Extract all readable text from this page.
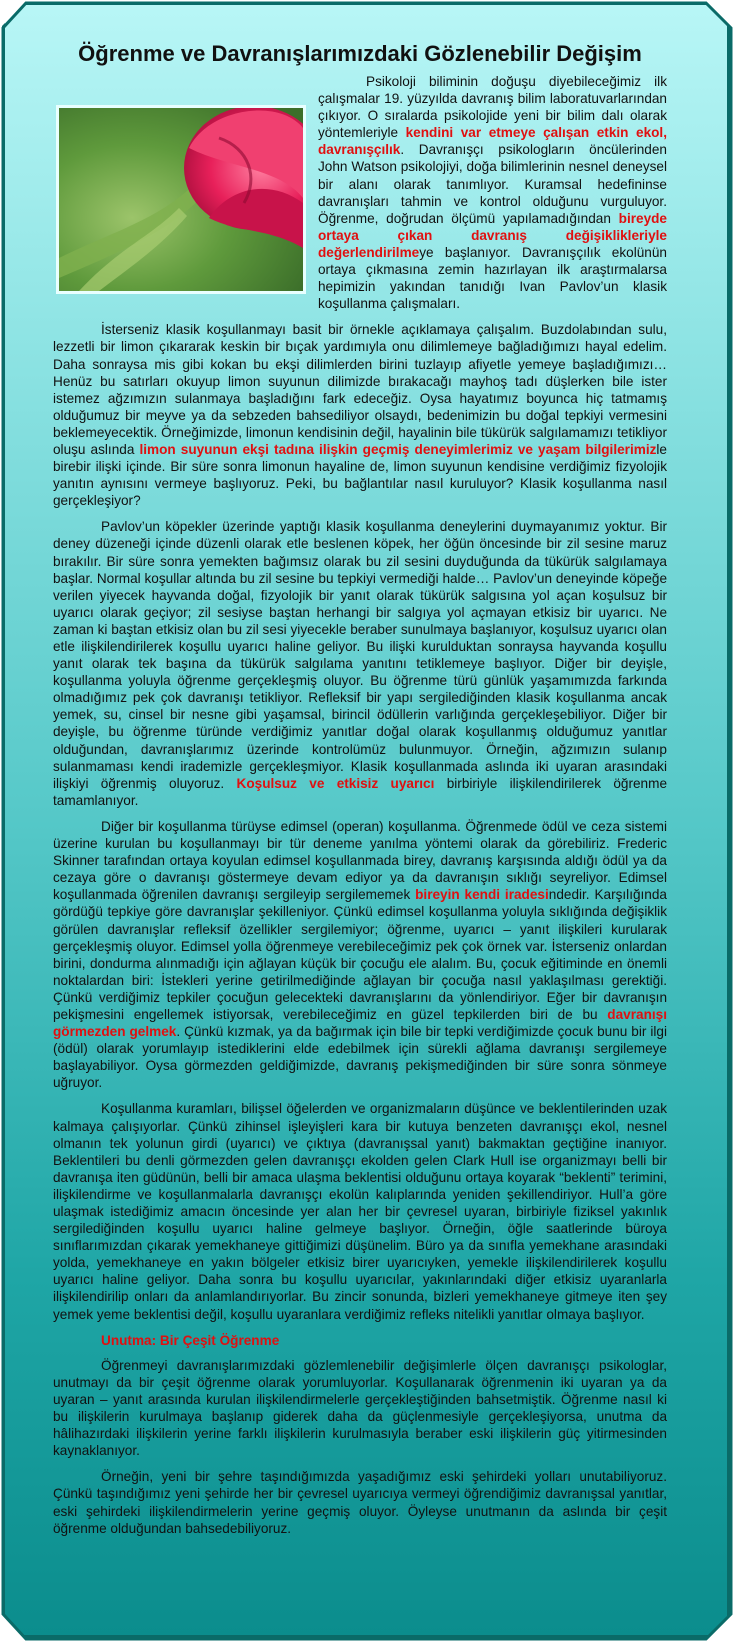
Öğrenme ve Davranışlarımızdaki Gözlenebilir Değişim

Psikoloji biliminin doğuşu diyebileceğimiz ilk çalışmalar 19. yüzyılda davranış bilim laboratuvarlarından çıkıyor. O sıralarda psikolojide yeni bir bilim dalı olarak yöntemleriyle kendini var etmeye çalışan etkin ekol, davranışçılık. Davranışçı psikologların öncülerinden John Watson psikolojiyi, doğa bilimlerinin nesnel deneysel bir alanı olarak tanımlıyor. Kuramsal hedefininse davranışları tahmin ve kontrol olduğunu vurguluyor. Öğrenme, doğrudan ölçümü yapılamadığından bireyde ortaya çıkan davranış değişiklikleriyle değerlendirilmeye başlanıyor. Davranışçılık ekolünün ortaya çıkmasına zemin hazırlayan ilk araştırmalarsa hepimizin yakından tanıdığı Ivan Pavlov’un klasik koşullanma çalışmaları.

İsterseniz klasik koşullanmayı basit bir örnekle açıklamaya çalışalım. Buzdolabından sulu, lezzetli bir limon çıkararak keskin bir bıçak yardımıyla onu dilimlemeye bağladığımızı hayal edelim. Daha sonraysa mis gibi kokan bu ekşi dilimlerden birini tuzlayıp afiyetle yemeye başladığımızı… Henüz bu satırları okuyup limon suyunun dilimizde bırakacağı mayhoş tadı düşlerken bile ister istemez ağzımızın sulanmaya başladığını fark edeceğiz. Oysa hayatımız boyunca hiç tatmamış olduğumuz bir meyve ya da sebzeden bahsediliyor olsaydı, bedenimizin bu doğal tepkiyi vermesini beklemeyecektik. Örneğimizde, limonun kendisinin değil, hayalinin bile tükürük salgılamamızı tetikliyor oluşu aslında limon suyunun ekşi tadına ilişkin geçmiş deneyimlerimiz ve yaşam bilgilerimizle birebir ilişki içinde. Bir süre sonra limonun hayaline de, limon suyunun kendisine verdiğimiz fizyolojik yanıtın aynısını vermeye başlıyoruz. Peki, bu bağlantılar nasıl kuruluyor? Klasik koşullanma nasıl gerçekleşiyor?

Pavlov’un köpekler üzerinde yaptığı klasik koşullanma deneylerini duymayanımız yoktur. Bir deney düzeneği içinde düzenli olarak etle beslenen köpek, her öğün öncesinde bir zil sesine maruz bırakılır. Bir süre sonra yemekten bağımsız olarak bu zil sesini duyduğunda da tükürük salgılamaya başlar. Normal koşullar altında bu zil sesine bu tepkiyi vermediği halde… Pavlov’un deneyinde köpeğe verilen yiyecek hayvanda doğal, fizyolojik bir yanıt olarak tükürük salgısına yol açan koşulsuz bir uyarıcı olarak geçiyor; zil sesiyse baştan herhangi bir salgıya yol açmayan etkisiz bir uyarıcı. Ne zaman ki baştan etkisiz olan bu zil sesi yiyecekle beraber sunulmaya başlanıyor, koşulsuz uyarıcı olan etle ilişkilendirilerek koşullu uyarıcı haline geliyor. Bu ilişki kurulduktan sonraysa hayvanda koşullu yanıt olarak tek başına da tükürük salgılama yanıtını tetiklemeye başlıyor. Diğer bir deyişle, koşullanma yoluyla öğrenme gerçekleşmiş oluyor. Bu öğrenme türü günlük yaşamımızda farkında olmadığımız pek çok davranışı tetikliyor. Refleksif bir yapı sergilediğinden klasik koşullanma ancak yemek, su, cinsel bir nesne gibi yaşamsal, birincil ödüllerin varlığında gerçekleşebiliyor. Diğer bir deyişle, bu öğrenme türünde verdiğimiz yanıtlar doğal olarak koşullanmış olduğumuz yanıtlar olduğundan, davranışlarımız üzerinde kontrolümüz bulunmuyor. Örneğin, ağzımızın sulanıp sulanmaması kendi irademizle gerçekleşmiyor. Klasik koşullanmada aslında iki uyaran arasındaki ilişkiyi öğrenmiş oluyoruz. Koşulsuz ve etkisiz uyarıcı birbiriyle ilişkilendirilerek öğrenme tamamlanıyor.

Diğer bir koşullanma türüyse edimsel (operan) koşullanma. Öğrenmede ödül ve ceza sistemi üzerine kurulan bu koşullanmayı bir tür deneme yanılma yöntemi olarak da görebiliriz. Frederic Skinner tarafından ortaya koyulan edimsel koşullanmada birey, davranış karşısında aldığı ödül ya da cezaya göre o davranışı göstermeye devam ediyor ya da davranışın sıklığı seyreliyor. Edimsel koşullanmada öğrenilen davranışı sergileyip sergilememek bireyin kendi iradesindedir. Karşılığında gördüğü tepkiye göre davranışlar şekilleniyor. Çünkü edimsel koşullanma yoluyla sıklığında değişiklik görülen davranışlar refleksif özellikler sergilemiyor; öğrenme, uyarıcı – yanıt ilişkileri kurularak gerçekleşmiş oluyor. Edimsel yolla öğrenmeye verebileceğimiz pek çok örnek var. İsterseniz onlardan birini, dondurma alınmadığı için ağlayan küçük bir çocuğu ele alalım. Bu, çocuk eğitiminde en önemli noktalardan biri: İstekleri yerine getirilmediğinde ağlayan bir çocuğa nasıl yaklaşılması gerektiği. Çünkü verdiğimiz tepkiler çocuğun gelecekteki davranışlarını da yönlendiriyor. Eğer bir davranışın pekişmesini engellemek istiyorsak, verebileceğimiz en güzel tepkilerden biri de bu davranışı görmezden gelmek. Çünkü kızmak, ya da bağırmak için bile bir tepki verdiğimizde çocuk bunu bir ilgi (ödül) olarak yorumlayıp istediklerini elde edebilmek için sürekli ağlama davranışı sergilemeye başlayabiliyor. Oysa görmezden geldiğimizde, davranış pekişmediğinden bir süre sonra sönmeye uğruyor.

Koşullanma kuramları, bilişsel öğelerden ve organizmaların düşünce ve beklentilerinden uzak kalmaya çalışıyorlar. Çünkü zihinsel işleyişleri kara bir kutuya benzeten davranışçı ekol, nesnel olmanın tek yolunun girdi (uyarıcı) ve çıktıya (davranışsal yanıt) bakmaktan geçtiğine inanıyor. Beklentileri bu denli görmezden gelen davranışçı ekolden gelen Clark Hull ise organizmayı belli bir davranışa iten güdünün, belli bir amaca ulaşma beklentisi olduğunu ortaya koyarak “beklenti” terimini, ilişkilendirme ve koşullanmalarla davranışçı ekolün kalıplarında yeniden şekillendiriyor. Hull’a göre ulaşmak istediğimiz amacın öncesinde yer alan her bir çevresel uyaran, birbiriyle fiziksel yakınlık sergilediğinden koşullu uyarıcı haline gelmeye başlıyor. Örneğin, öğle saatlerinde büroya sınıflarımızdan çıkarak yemekhaneye gittiğimizi düşünelim. Büro ya da sınıfla yemekhane arasındaki yolda, yemekhaneye en yakın bölgeler etkisiz birer uyarıcıyken, yemekle ilişkilendirilerek koşullu uyarıcı haline geliyor. Daha sonra bu koşullu uyarıcılar, yakınlarındaki diğer etkisiz uyaranlarla ilişkilendirilip onları da anlamlandırıyorlar. Bu zincir sonunda, bizleri yemekhaneye gitmeye iten şey yemek yeme beklentisi değil, koşullu uyaranlara verdiğimiz refleks nitelikli yanıtlar olmaya başlıyor.

Unutma: Bir Çeşit Öğrenme

Öğrenmeyi davranışlarımızdaki gözlemlenebilir değişimlerle ölçen davranışçı psikologlar, unutmayı da bir çeşit öğrenme olarak yorumluyorlar. Koşullanarak öğrenmenin iki uyaran ya da uyaran – yanıt arasında kurulan ilişkilendirmelerle gerçekleştiğinden bahsetmiştik. Öğrenme nasıl ki bu ilişkilerin kurulmaya başlanıp giderek daha da güçlenmesiyle gerçekleşiyorsa, unutma da hâlihazırdaki ilişkilerin yerine farklı ilişkilerin kurulmasıyla beraber eski ilişkilerin güç yitirmesinden kaynaklanıyor.

Örneğin, yeni bir şehre taşındığımızda yaşadığımız eski şehirdeki yolları unutabiliyoruz. Çünkü taşındığımız yeni şehirde her bir çevresel uyarıcıya vermeyi öğrendiğimiz davranışsal yanıtlar, eski şehirdeki ilişkilendirmelerin yerine geçmiş oluyor. Öyleyse unutmanın da aslında bir çeşit öğrenme olduğundan bahsedebiliyoruz.
